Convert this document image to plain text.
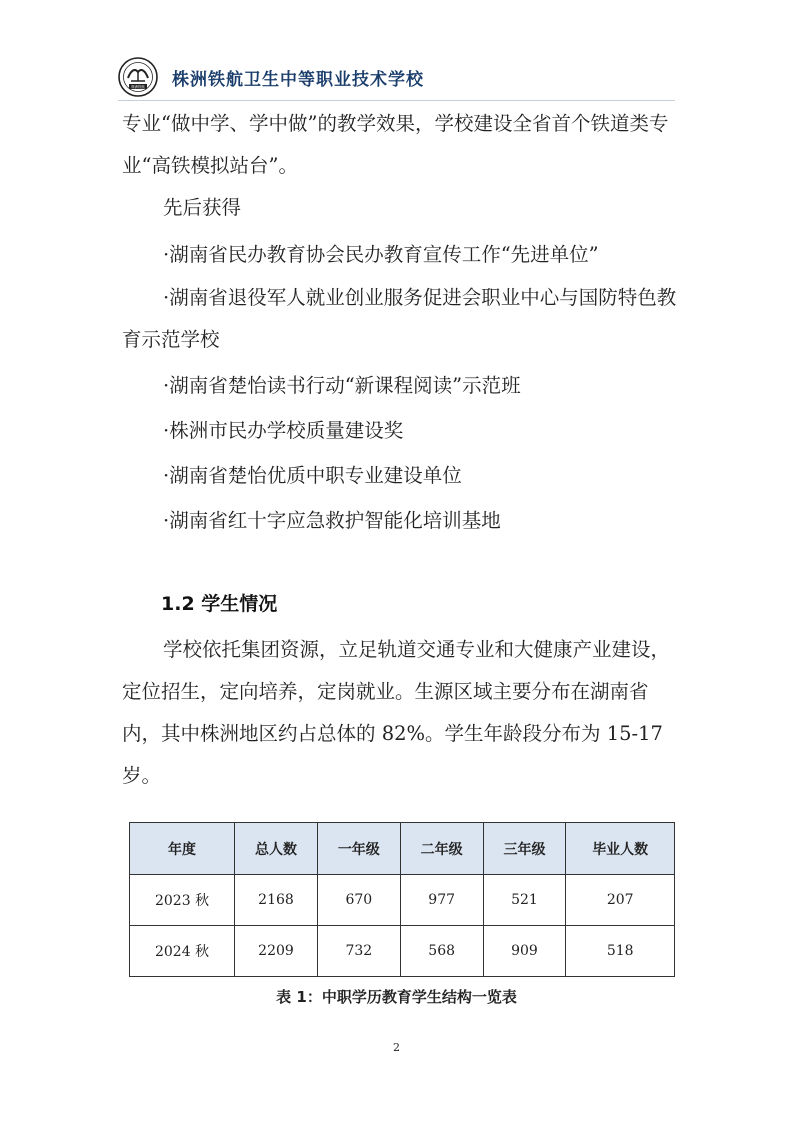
株洲铁航 株洲铁航卫生中等职业技术学校

专业“做中学、学中做”的教学效果，学校建设全省首个铁道类专业“高铁模拟站台”。

先后获得

·湖南省民办教育协会民办教育宣传工作“先进单位”
·湖南省退役军人就业创业服务促进会职业中心与国防特色教育示范学校
·湖南省楚怡读书行动“新课程阅读”示范班
·株洲市民办学校质量建设奖
·湖南省楚怡优质中职专业建设单位
·湖南省红十字应急救护智能化培训基地
1.2 学生情况

学校依托集团资源，立足轨道交通专业和大健康产业建设，定位招生，定向培养，定岗就业。生源区域主要分布在湖南省内，其中株洲地区约占总体的 82%。学生年龄段分布为 15-17 岁。

年度	总人数	一年级	二年级	三年级	毕业人数
2023 秋	2168	670	977	521	207
2024 秋	2209	732	568	909	518

表 1：中职学历教育学生结构一览表

2
